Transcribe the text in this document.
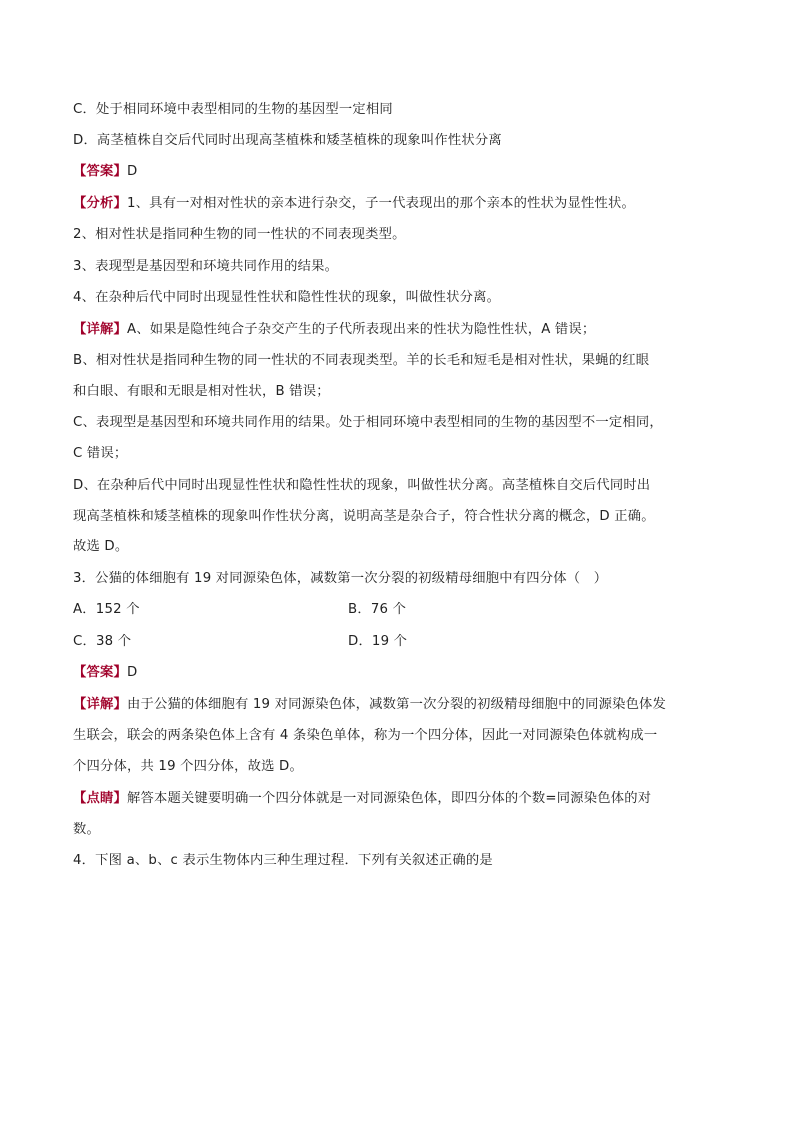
C．处于相同环境中表型相同的生物的基因型一定相同
D．高茎植株自交后代同时出现高茎植株和矮茎植株的现象叫作性状分离
【答案】D
【分析】1、具有一对相对性状的亲本进行杂交，子一代表现出的那个亲本的性状为显性性状。
2、相对性状是指同种生物的同一性状的不同表现类型。
3、表现型是基因型和环境共同作用的结果。
4、在杂种后代中同时出现显性性状和隐性性状的现象，叫做性状分离。
【详解】A、如果是隐性纯合子杂交产生的子代所表现出来的性状为隐性性状，A 错误；
B、相对性状是指同种生物的同一性状的不同表现类型。羊的长毛和短毛是相对性状，果蝇的红眼
和白眼、有眼和无眼是相对性状，B 错误；
C、表现型是基因型和环境共同作用的结果。处于相同环境中表型相同的生物的基因型不一定相同，
C 错误；
D、在杂种后代中同时出现显性性状和隐性性状的现象，叫做性状分离。高茎植株自交后代同时出
现高茎植株和矮茎植株的现象叫作性状分离，说明高茎是杂合子，符合性状分离的概念，D 正确。
故选 D。
3．公猫的体细胞有 19 对同源染色体，减数第一次分裂的初级精母细胞中有四分体（　）
A．152 个	B．76 个
C．38 个	D．19 个
【答案】D
【详解】由于公猫的体细胞有 19 对同源染色体，减数第一次分裂的初级精母细胞中的同源染色体发
生联会，联会的两条染色体上含有 4 条染色单体，称为一个四分体，因此一对同源染色体就构成一
个四分体，共 19 个四分体，故选 D。
【点睛】解答本题关键要明确一个四分体就是一对同源染色体，即四分体的个数=同源染色体的对
数。
4．下图 a、b、c 表示生物体内三种生理过程．下列有关叙述正确的是
